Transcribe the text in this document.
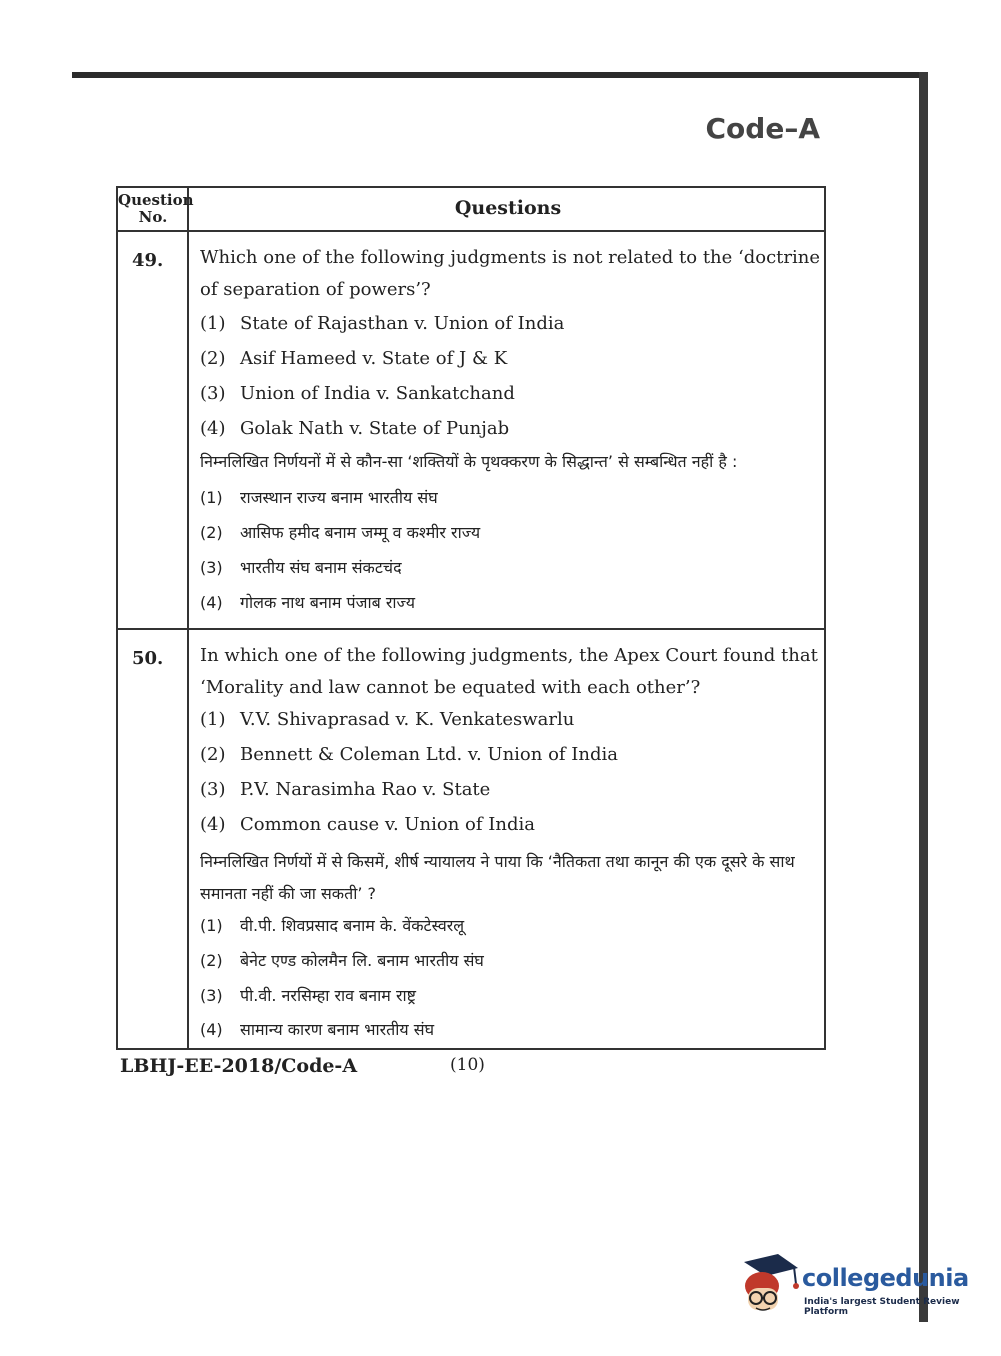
Code–A
Question No.	Questions
49.	Which one of the following judgments is not related to the ‘doctrine of separation of powers’?
(1) State of Rajasthan v. Union of India
(2) Asif Hameed v. State of J & K
(3) Union of India v. Sankatchand
(4) Golak Nath v. State of Punjab
निम्नलिखित निर्णयनों में से कौन-सा ‘शक्तियों के पृथक्करण के सिद्धान्त’ से सम्बन्धित नहीं है :
(1) राजस्थान राज्य बनाम भारतीय संघ
(2) आसिफ हमीद बनाम जम्मू व कश्मीर राज्य
(3) भारतीय संघ बनाम संकटचंद
(4) गोलक नाथ बनाम पंजाब राज्य
50.	In which one of the following judgments, the Apex Court found that ‘Morality and law cannot be equated with each other’?
(1) V.V. Shivaprasad v. K. Venkateswarlu
(2) Bennett & Coleman Ltd. v. Union of India
(3) P.V. Narasimha Rao v. State
(4) Common cause v. Union of India
निम्नलिखित निर्णयों में से किसमें, शीर्ष न्यायालय ने पाया कि ‘नैतिकता तथा कानून की एक दूसरे के साथ समानता नहीं की जा सकती’ ?
(1) वी.पी. शिवप्रसाद बनाम के. वेंकटेस्वरलू
(2) बेनेट एण्ड कोलमैन लि. बनाम भारतीय संघ
(3) पी.वी. नरसिम्हा राव बनाम राष्ट्र
(4) सामान्य कारण बनाम भारतीय संघ
LBHJ-EE-2018/Code-A	(10)
collegedunia
India's largest Student Review Platform
